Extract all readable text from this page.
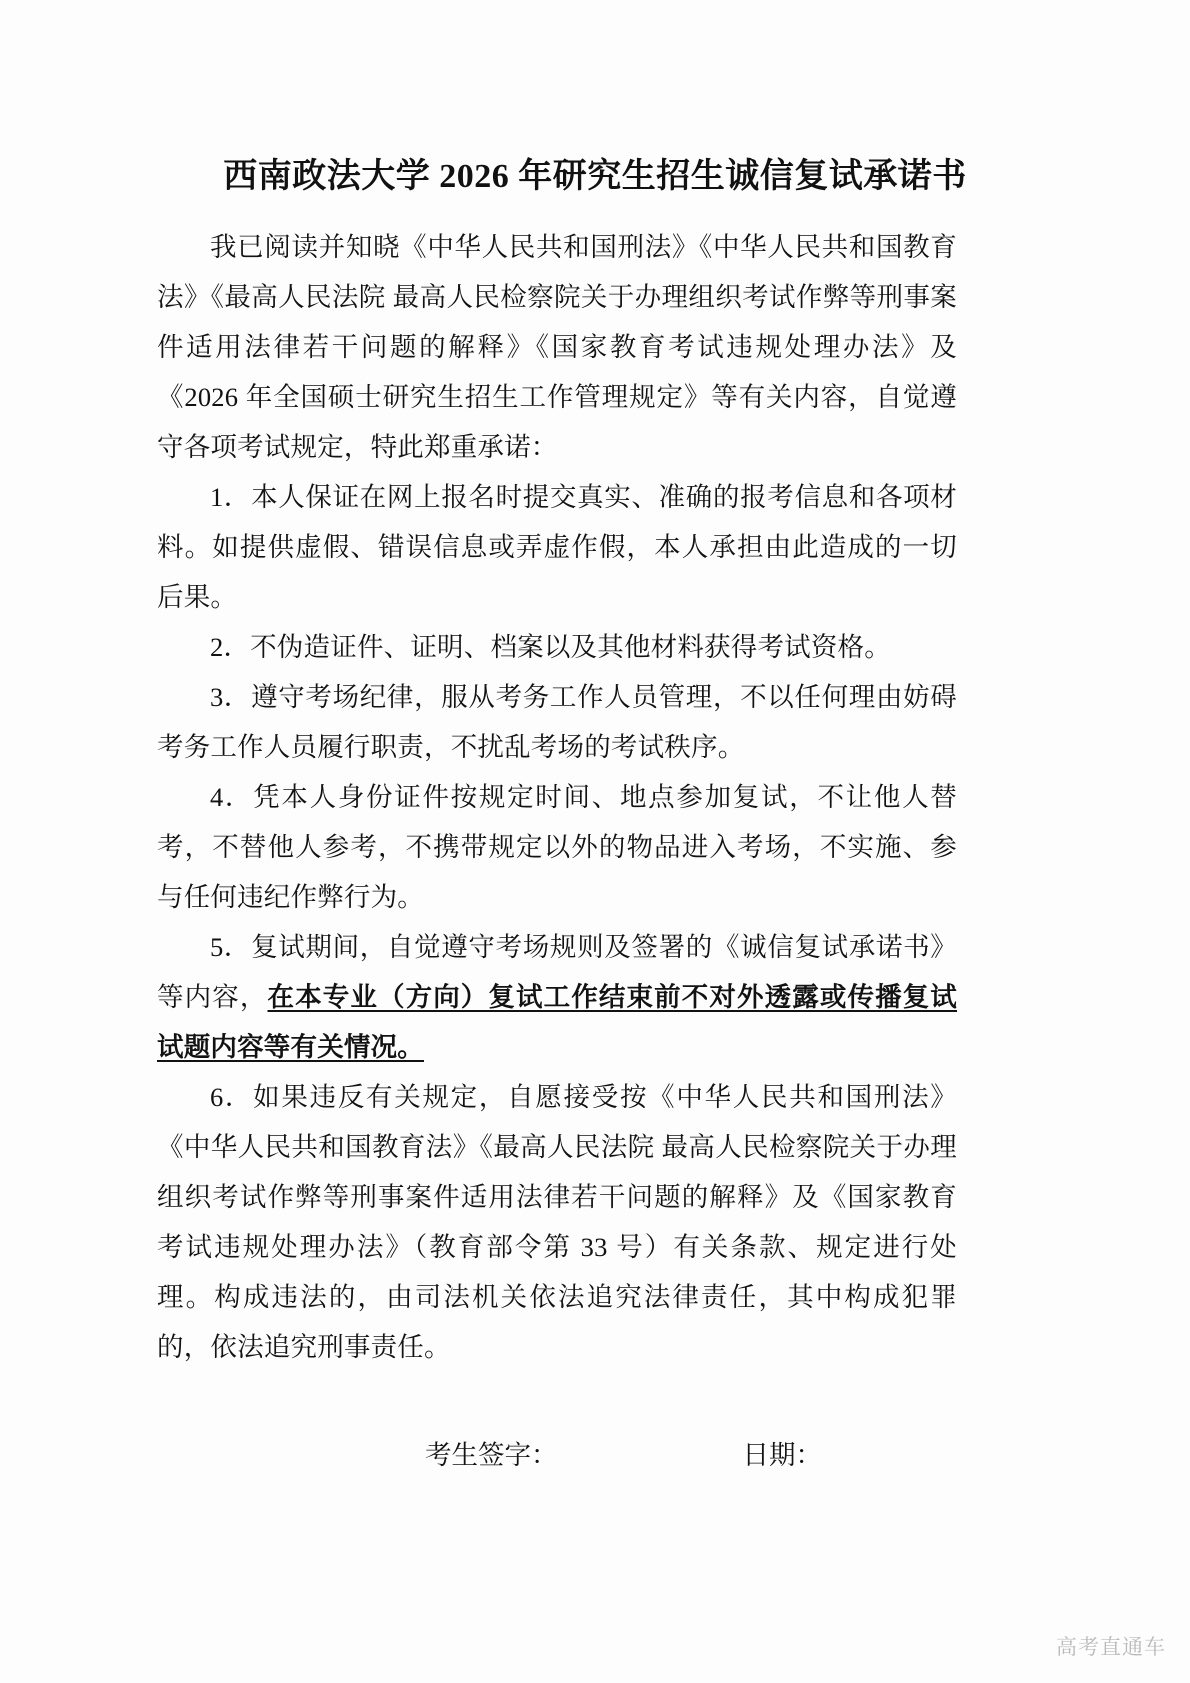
西南政法大学 2026 年研究生招生诚信复试承诺书

我已阅读并知晓《中华人民共和国刑法》《中华人民共和国教育法》《最高人民法院 最高人民检察院关于办理组织考试作弊等刑事案件适用法律若干问题的解释》《国家教育考试违规处理办法》及《2026 年全国硕士研究生招生工作管理规定》等有关内容，自觉遵守各项考试规定，特此郑重承诺：

1．本人保证在网上报名时提交真实、准确的报考信息和各项材料。如提供虚假、错误信息或弄虚作假，本人承担由此造成的一切后果。

2．不伪造证件、证明、档案以及其他材料获得考试资格。

3．遵守考场纪律，服从考务工作人员管理，不以任何理由妨碍考务工作人员履行职责，不扰乱考场的考试秩序。

4．凭本人身份证件按规定时间、地点参加复试，不让他人替考，不替他人参考，不携带规定以外的物品进入考场，不实施、参与任何违纪作弊行为。

5．复试期间，自觉遵守考场规则及签署的《诚信复试承诺书》等内容，在本专业（方向）复试工作结束前不对外透露或传播复试试题内容等有关情况。

6．如果违反有关规定，自愿接受按《中华人民共和国刑法》《中华人民共和国教育法》《最高人民法院 最高人民检察院关于办理组织考试作弊等刑事案件适用法律若干问题的解释》及《国家教育考试违规处理办法》（教育部令第 33 号）有关条款、规定进行处理。构成违法的，由司法机关依法追究法律责任，其中构成犯罪的，依法追究刑事责任。

考生签字：	日期：
高考直通车
